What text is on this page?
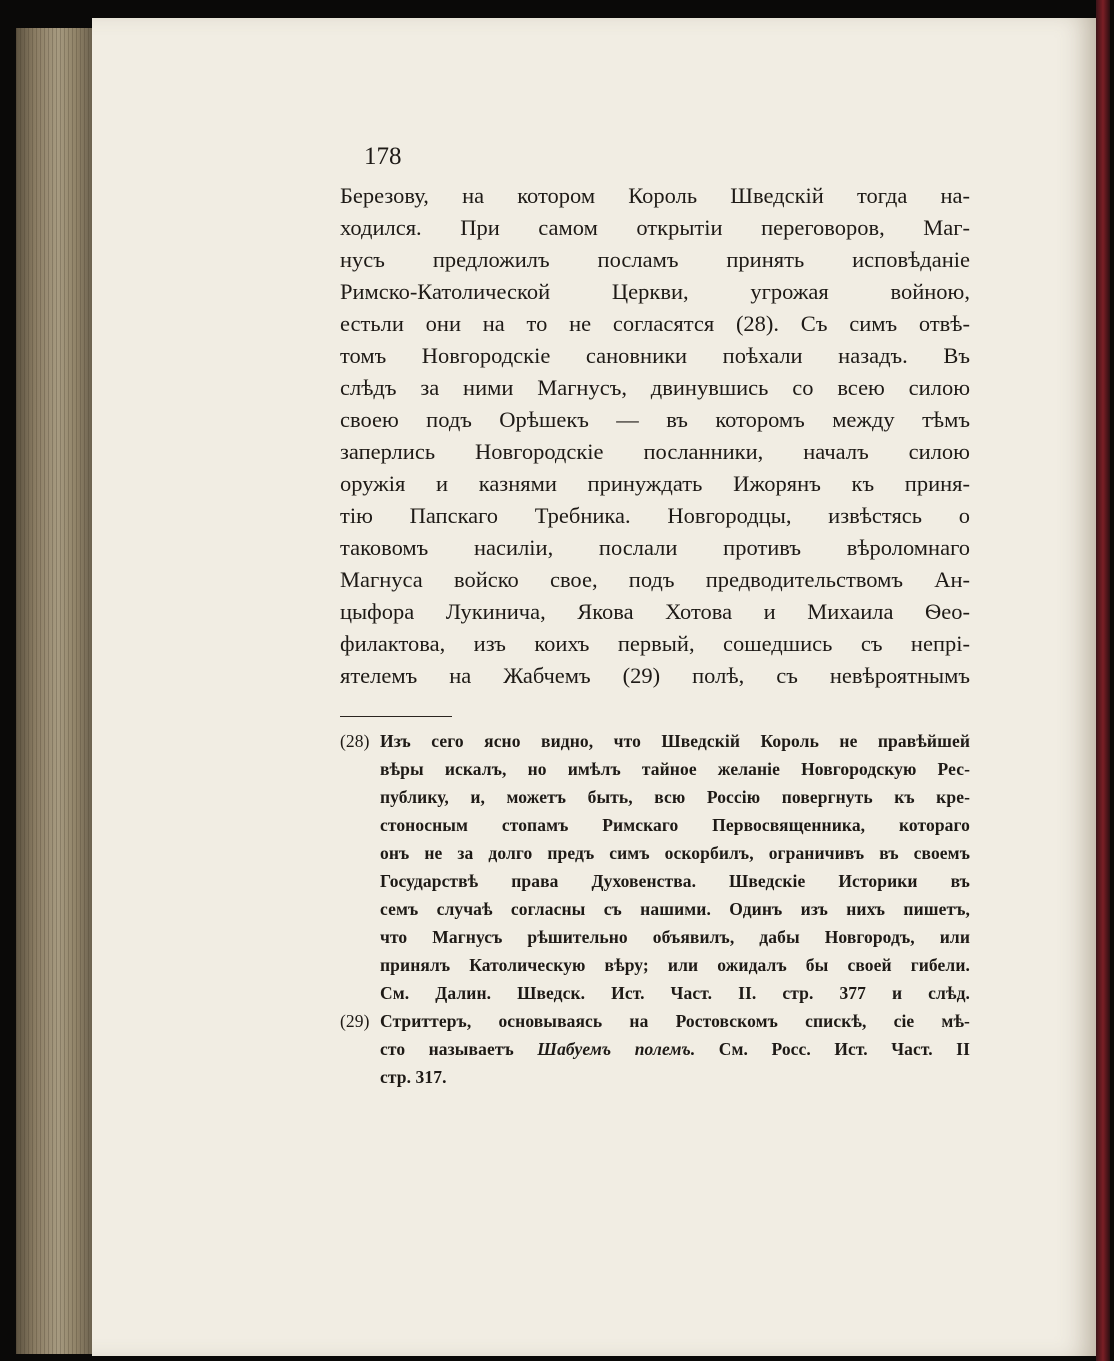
178
Березову, на котором Король Шведскій тогда на-
ходился. При самом открытіи переговоров, Маг-
нусъ предложилъ посламъ принять исповѣданіе
Римско-Католической Церкви, угрожая войною,
естьли они на то не согласятся (28). Съ симъ отвѣ-
томъ Новгородскіе сановники поѣхали назадъ. Въ
слѣдъ за ними Магнусъ, двинувшись со всею силою
своею подъ Орѣшекъ — въ которомъ между тѣмъ
заперлись Новгородскіе посланники, началъ силою
оружія и казнями принуждать Ижорянъ къ приня-
тію Папскаго Требника. Новгородцы, извѣстясь о
таковомъ насиліи, послали противъ вѣроломнаго
Магнуса войско свое, подъ предводительствомъ Ан-
цыфора Лукинича, Якова Хотова и Михаила Ѳео-
филактова, изъ коихъ первый, сошедшись съ непрі-
ятелемъ на Жабчемъ (29) полѣ, съ невѣроятнымъ
(28) Изъ сего ясно видно, что Шведскій Король не правѣйшей
вѣры искалъ, но имѣлъ тайное желаніе Новгородскую Рес-
публику, и, можетъ быть, всю Россію повергнуть къ кре-
стоносным стопамъ Римскаго Первосвященника, котораго
онъ не за долго предъ симъ оскорбилъ, ограничивъ въ своемъ
Государствѣ права Духовенства. Шведскіе Историки въ
семъ случаѣ согласны съ нашими. Одинъ изъ нихъ пишетъ,
что Магнусъ рѣшительно объявилъ, дабы Новгородъ, или
принялъ Католическую вѣру; или ожидалъ бы своей гибели.
См. Далин. Шведск. Ист. Част. II. стр. 377 и слѣд.
(29) Стриттеръ, основываясь на Ростовскомъ спискѣ, сіе мѣ-
сто называетъ Шабуемъ полемъ. См. Росс. Ист. Част. II
стр. 317.
